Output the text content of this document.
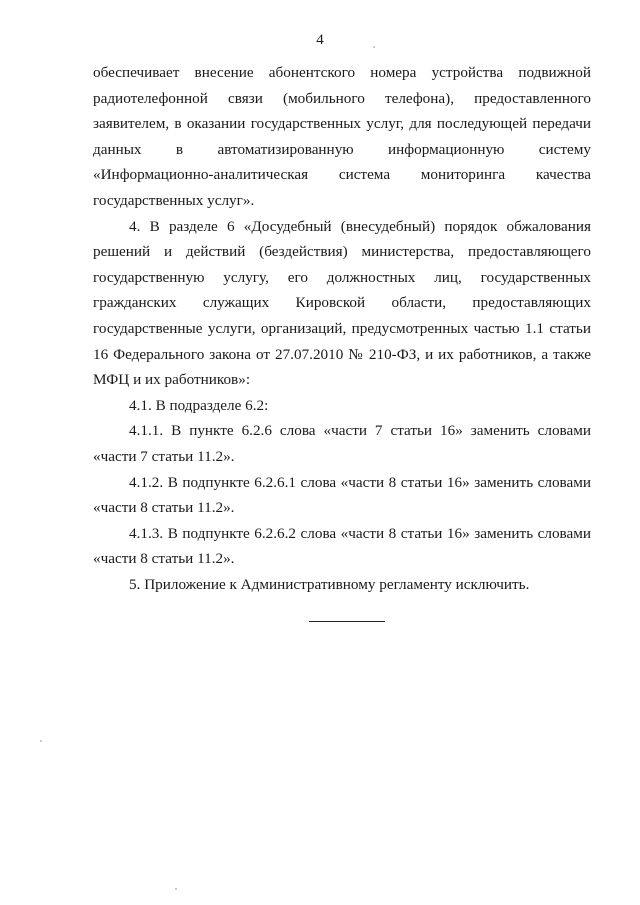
4

обеспечивает внесение абонентского номера устройства подвижной радиотелефонной связи (мобильного телефона), предоставленного заявителем, в оказании государственных услуг, для последующей передачи данных в автоматизированную информационную систему «Информационно-аналитическая система мониторинга качества государственных услуг».

4. В разделе 6 «Досудебный (внесудебный) порядок обжалования решений и действий (бездействия) министерства, предоставляющего государственную услугу, его должностных лиц, государственных гражданских служащих Кировской области, предоставляющих государственные услуги, организаций, предусмотренных частью 1.1 статьи 16 Федерального закона от 27.07.2010 № 210-ФЗ, и их работников, а также МФЦ и их работников»:

4.1. В подразделе 6.2:

4.1.1. В пункте 6.2.6 слова «части 7 статьи 16» заменить словами «части 7 статьи 11.2».

4.1.2. В подпункте 6.2.6.1 слова «части 8 статьи 16» заменить словами «части 8 статьи 11.2».

4.1.3. В подпункте 6.2.6.2 слова «части 8 статьи 16» заменить словами «части 8 статьи 11.2».

5. Приложение к Административному регламенту исключить.
